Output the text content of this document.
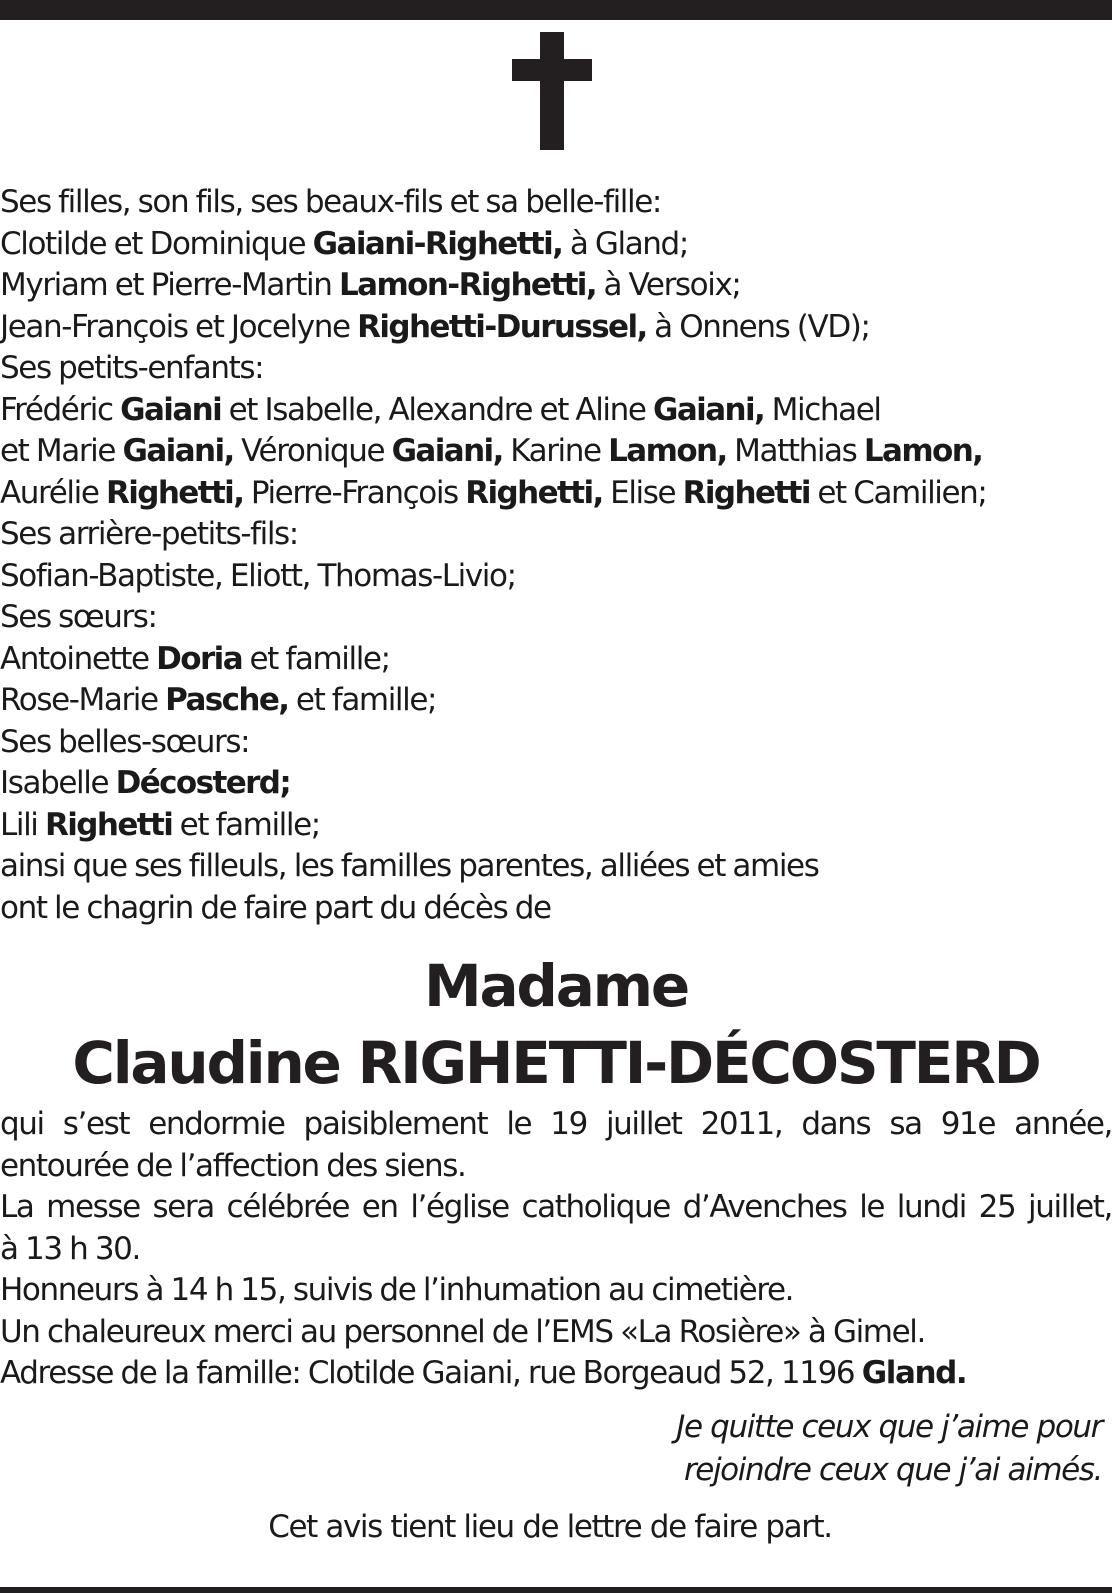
Ses filles, son fils, ses beaux-fils et sa belle-fille:
Clotilde et Dominique Gaiani-Righetti, à Gland;
Myriam et Pierre-Martin Lamon-Righetti, à Versoix;
Jean-François et Jocelyne Righetti-Durussel, à Onnens (VD);
Ses petits-enfants:
Frédéric Gaiani et Isabelle, Alexandre et Aline Gaiani, Michael
et Marie Gaiani, Véronique Gaiani, Karine Lamon, Matthias Lamon,
Aurélie Righetti, Pierre-François Righetti, Elise Righetti et Camilien;
Ses arrière-petits-fils:
Sofian-Baptiste, Eliott, Thomas-Livio;
Ses sœurs:
Antoinette Doria et famille;
Rose-Marie Pasche, et famille;
Ses belles-sœurs:
Isabelle Décosterd;
Lili Righetti et famille;
ainsi que ses filleuls, les familles parentes, alliées et amies
ont le chagrin de faire part du décès de
Madame
Claudine RIGHETTI-DÉCOSTERD
qui s’est endormie paisiblement le 19 juillet 2011, dans sa 91e année,
entourée de l’affection des siens.
La messe sera célébrée en l’église catholique d’Avenches le lundi 25 juillet,
à 13 h 30.
Honneurs à 14 h 15, suivis de l’inhumation au cimetière.
Un chaleureux merci au personnel de l’EMS «La Rosière» à Gimel.
Adresse de la famille: Clotilde Gaiani, rue Borgeaud 52, 1196 Gland.
Je quitte ceux que j’aime pour
rejoindre ceux que j’ai aimés.
Cet avis tient lieu de lettre de faire part.
